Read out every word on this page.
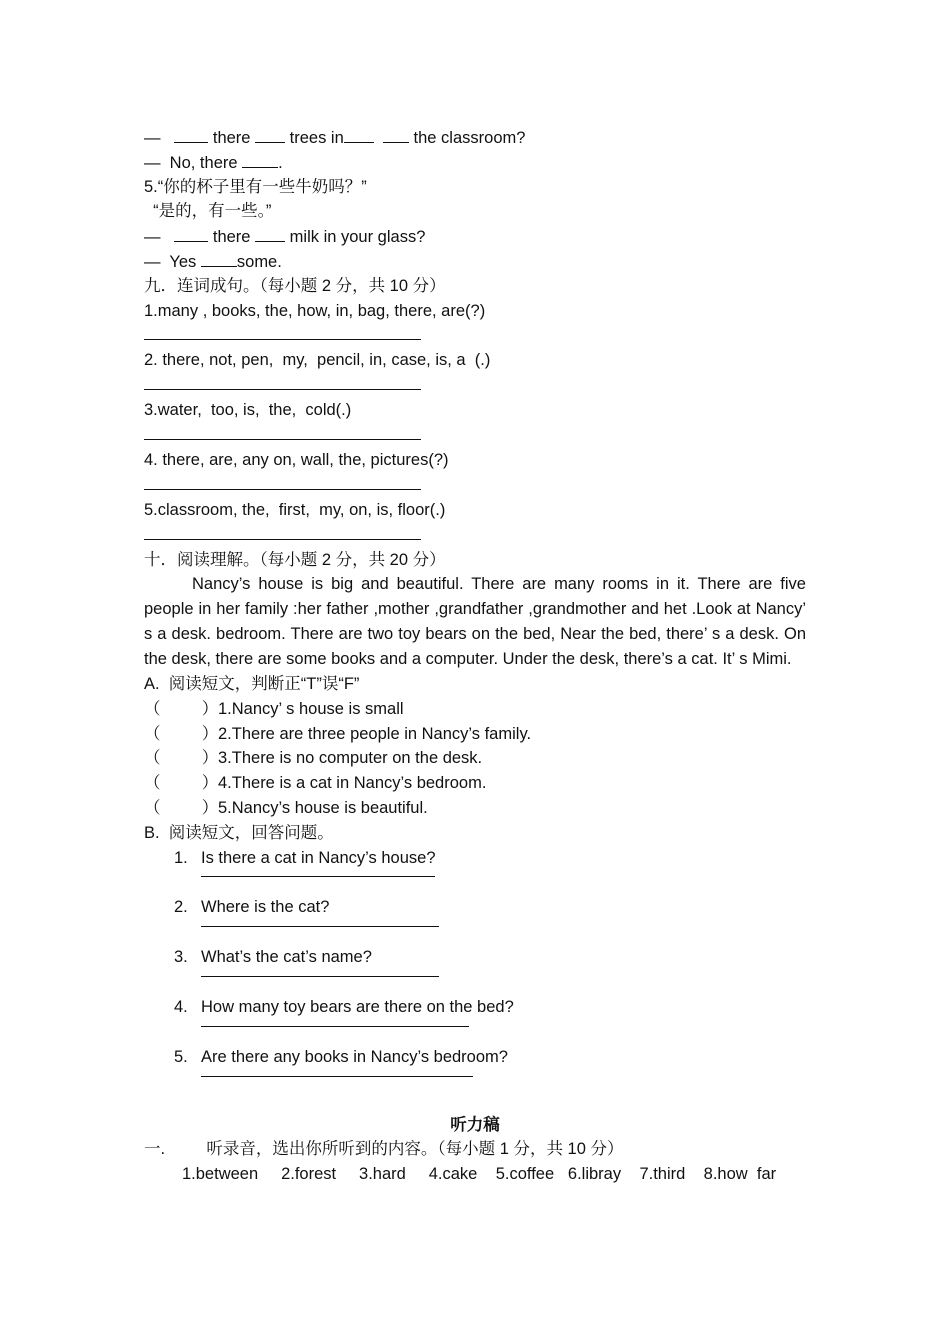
—	there trees in	the classroom?
— No, there .
5.“你的杯子里有一些牛奶吗？”
“是的，有一些。”
—	there milk in your glass?
— Yes some.
九．连词成句。（每小题 2 分，共 10 分）
1.many , books, the, how, in, bag, there, are(?)
2. there, not, pen,  my,  pencil, in, case, is, a  (.)
3.water,  too, is,  the,  cold(.)
4. there, are, any on, wall, the, pictures(?)
5.classroom, the,  first,  my, on, is, floor(.)
十．阅读理解。（每小题 2 分，共 20 分）
Nancy’s house is big and beautiful. There are many rooms in it. There are five people in her family :her father ,mother ,grandfather ,grandmother and het .Look at Nancy’ s a desk. bedroom. There are two toy bears on the bed, Near the bed, there’ s a desk. On the desk, there are some books and a computer. Under the desk, there’s a cat. It’ s Mimi.
A. 阅读短文，判断正“T”误“F”
（         ）1.Nancy’ s house is small
（         ）2.There are three people in Nancy’s family.
（         ）3.There is no computer on the desk.
（         ）4.There is a cat in Nancy’s bedroom.
（         ）5.Nancy’s house is beautiful.
B. 阅读短文，回答问题。
1. Is there a cat in Nancy’s house?
2. Where is the cat?
3. What’s the cat’s name?
4. How many toy bears are there on the bed?
5. Are there any books in Nancy’s bedroom?
听力稿
一.	听录音，选出你所听到的内容。（每小题 1 分，共 10 分）
1.between 2.forest 3.hard 4.cake 5.coffee 6.libray 7.third 8.how  far
